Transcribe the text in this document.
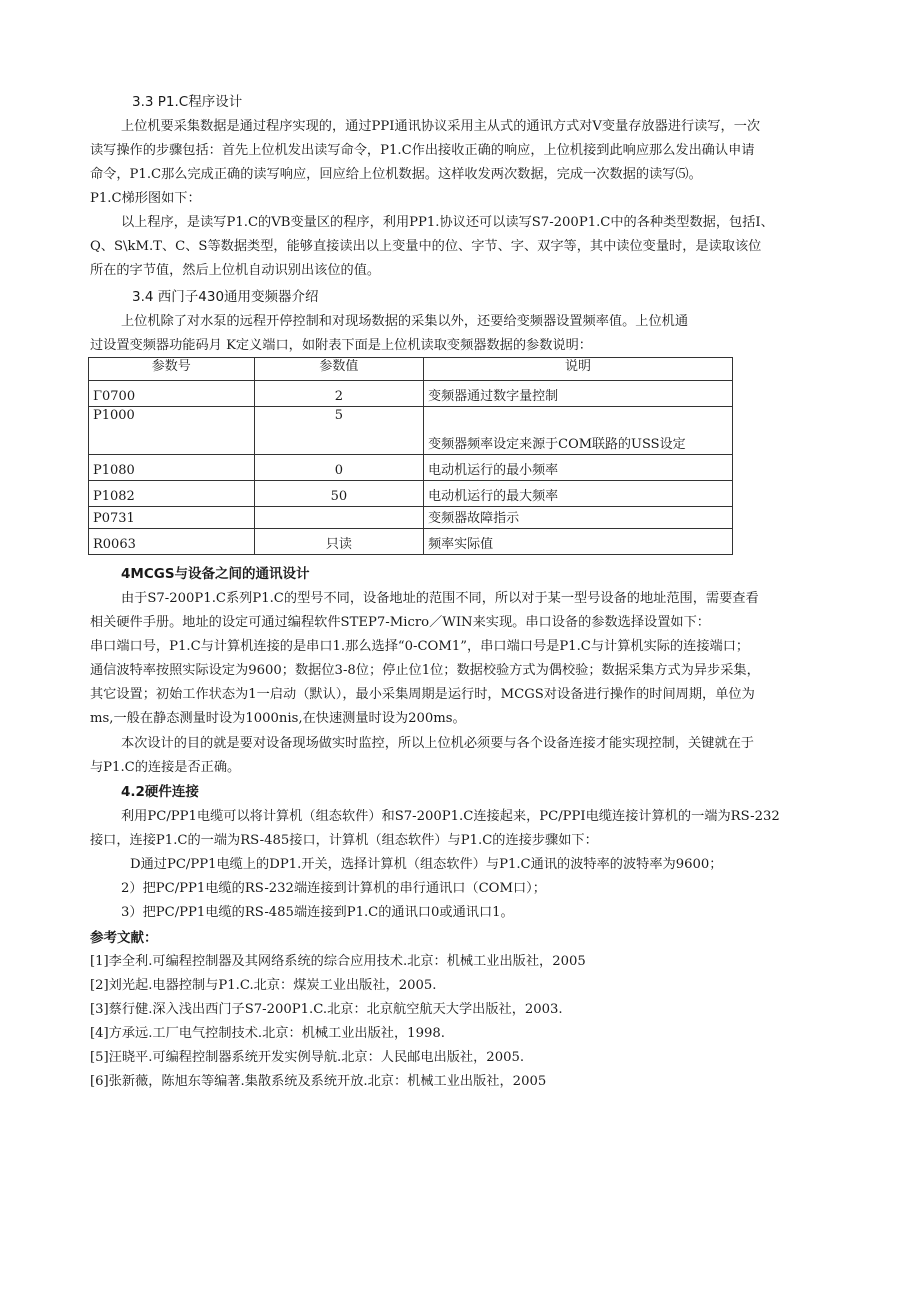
3.3 P1.C程序设计
上位机要采集数据是通过程序实现的，通过PPI通讯协议采用主从式的通讯方式对V变量存放器进行读写，一次
读写操作的步骤包括：首先上位机发出读写命令，P1.C作出接收正确的响应，上位机接到此响应那么发出确认申请
命令，P1.C那么完成正确的读写响应，回应给上位机数据。这样收发两次数据，完成一次数据的读写⑸。
P1.C梯形图如下：
以上程序，是读写P1.C的VB变量区的程序，利用PP1.协议还可以读写S7-200P1.C中的各种类型数据，包括I、
Q、S\kM.T、C、S等数据类型，能够直接读出以上变量中的位、字节、字、双字等，其中读位变量时，是读取该位
所在的字节值，然后上位机自动识别出该位的值。
3.4 西门子430通用变频器介绍
上位机除了对水泵的远程开停控制和对现场数据的采集以外，还要给变频器设置频率值。上位机通
过设置变频器功能码月 K定义端口，如附表下面是上位机读取变频器数据的参数说明：
参数号	参数值	说明
Γ0700	2	变频器通过数字量控制
P1000	5	变频器频率设定来源于COM联路的USS设定
P1080	0	电动机运行的最小频率
P1082	50	电动机运行的最大频率
P0731		变频器故障指示
R0063	只读	频率实际值
4MCGS与设备之间的通讯设计
由于S7-200P1.C系列P1.C的型号不同，设备地址的范围不同，所以对于某一型号设备的地址范围，需要查看
相关硬件手册。地址的设定可通过编程软件STEP7-Micro／WIN来实现。串口设备的参数选择设置如下：
串口端口号，P1.C与计算机连接的是串口1.那么选择“0-COM1”，串口端口号是P1.C与计算机实际的连接端口；
通信波特率按照实际设定为9600；数据位3-8位；停止位1位；数据校验方式为偶校验；数据采集方式为异步采集，
其它设置；初始工作状态为1一启动（默认），最小采集周期是运行时，MCGS对设备进行操作的时间周期，单位为
ms,一般在静态测量时设为1000nis,在快速测量时设为200ms。
本次设计的目的就是要对设备现场做实时监控，所以上位机必须要与各个设备连接才能实现控制，关键就在于
与P1.C的连接是否正确。
4.2硬件连接
利用PC/PP1电缆可以将计算机（组态软件）和S7-200P1.C连接起来，PC/PPI电缆连接计算机的一端为RS-232
接口，连接P1.C的一端为RS-485接口，计算机（组态软件）与P1.C的连接步骤如下：
D通过PC/PP1电缆上的DP1.开关，选择计算机（组态软件）与P1.C通讯的波特率的波特率为9600；
2）把PC/PP1电缆的RS-232端连接到计算机的串行通讯口（COM口）；
3）把PC/PP1电缆的RS-485端连接到P1.C的通讯口0或通讯口1。
参考文献：
[1]李全利.可编程控制器及其网络系统的综合应用技术.北京：机械工业出版社，2005
[2]刘光起.电器控制与P1.C.北京：煤炭工业出版社，2005.
[3]蔡行健.深入浅出西门子S7-200P1.C.北京：北京航空航天大学出版社，2003.
[4]方承远.工厂电气控制技术.北京：机械工业出版社，1998.
[5]汪晓平.可编程控制器系统开发实例导航.北京：人民邮电出版社，2005.
[6]张新薇，陈旭东等编著.集散系统及系统开放.北京：机械工业出版社，2005
